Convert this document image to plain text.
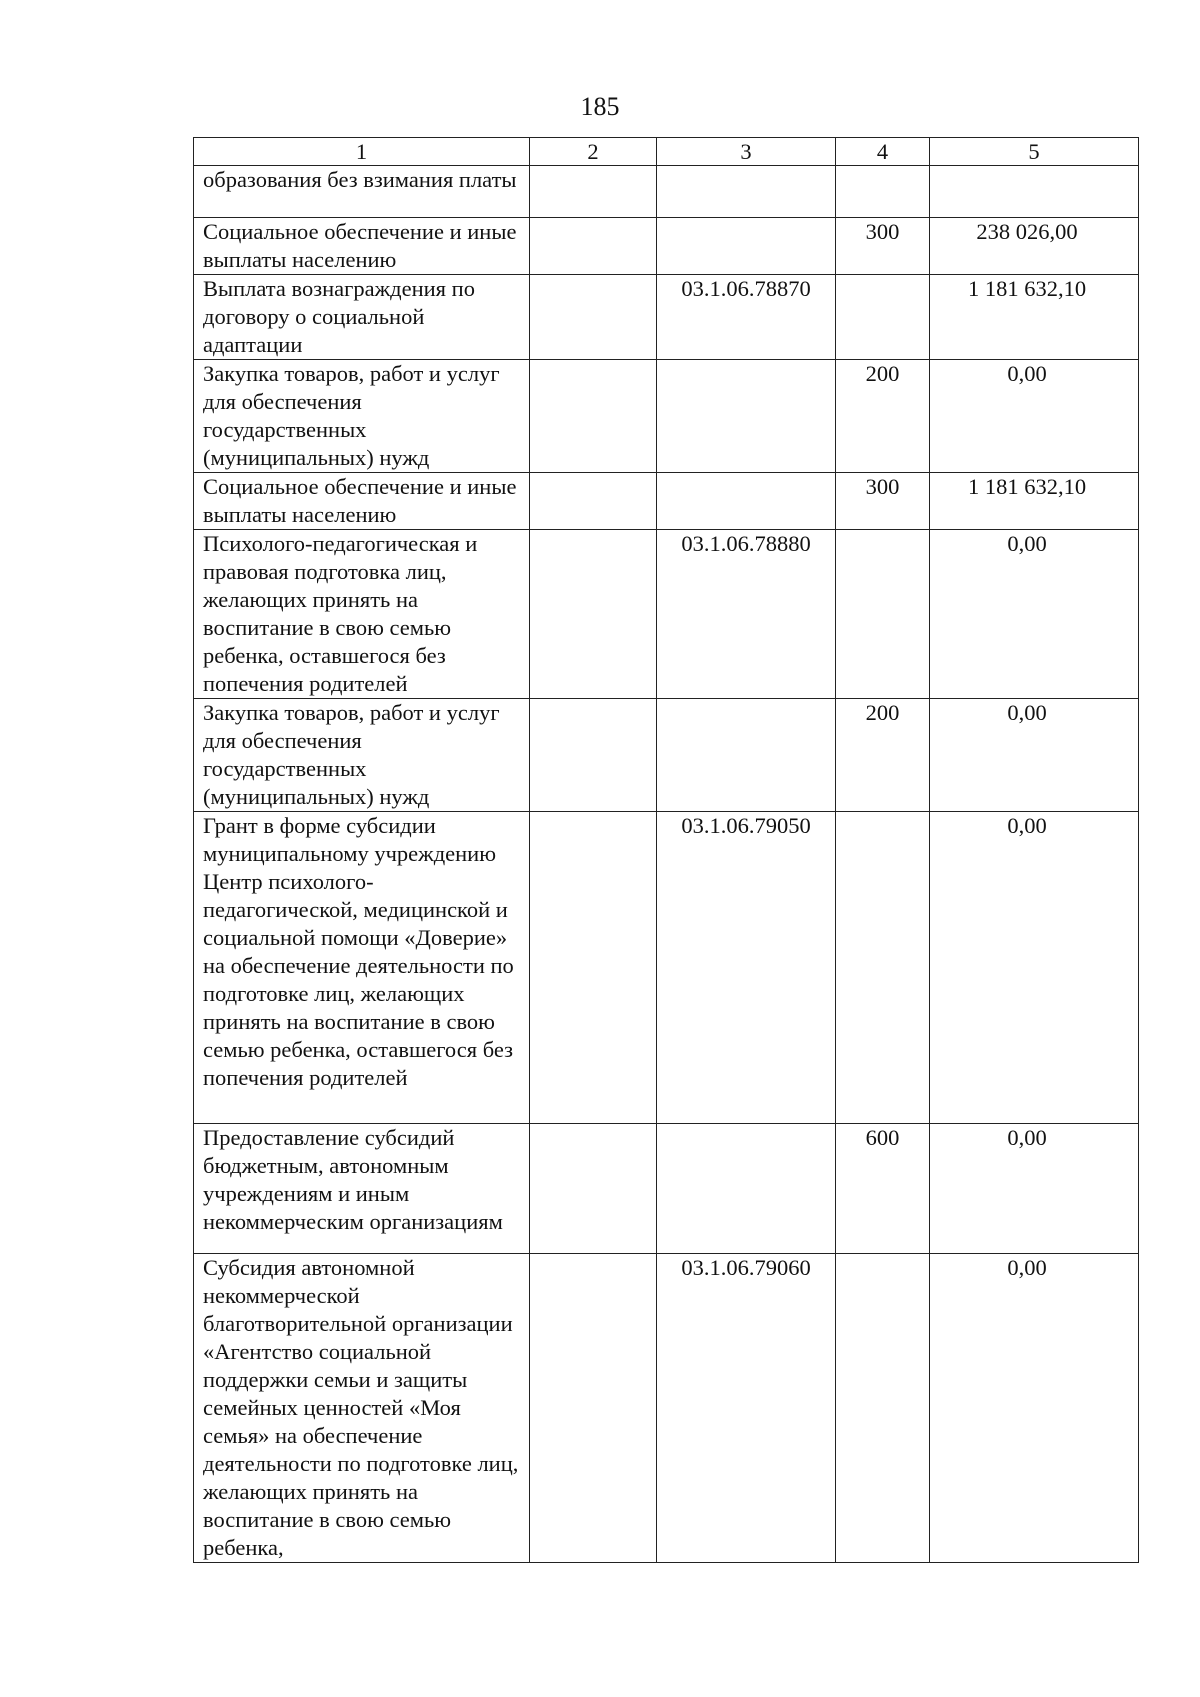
185
1	2	3	4	5
образования без взимания платы				
Социальное обеспечение и иные выплаты населению			300	238 026,00
Выплата вознаграждения по договору о социальной адаптации		03.1.06.78870		1 181 632,10
Закупка товаров, работ и услуг для обеспечения государственных (муниципальных) нужд			200	0,00
Социальное обеспечение и иные выплаты населению			300	1 181 632,10
Психолого-педагогическая и правовая подготовка лиц, желающих принять на воспитание в свою семью ребенка, оставшегося без попечения родителей		03.1.06.78880		0,00
Закупка товаров, работ и услуг для обеспечения государственных (муниципальных) нужд			200	0,00
Грант в форме субсидии муниципальному учреждению Центр психолого-педагогической, медицинской и социальной помощи «Доверие» на обеспечение деятельности по подготовке лиц, желающих принять на воспитание в свою семью ребенка, оставшегося без попечения родителей		03.1.06.79050		0,00
Предоставление субсидий бюджетным, автономным учреждениям и иным некоммерческим организациям			600	0,00
Субсидия автономной некоммерческой благотворительной организации «Агентство социальной поддержки семьи и защиты семейных ценностей «Моя семья» на обеспечение деятельности по подготовке лиц, желающих принять на воспитание в свою семью ребенка,		03.1.06.79060		0,00
